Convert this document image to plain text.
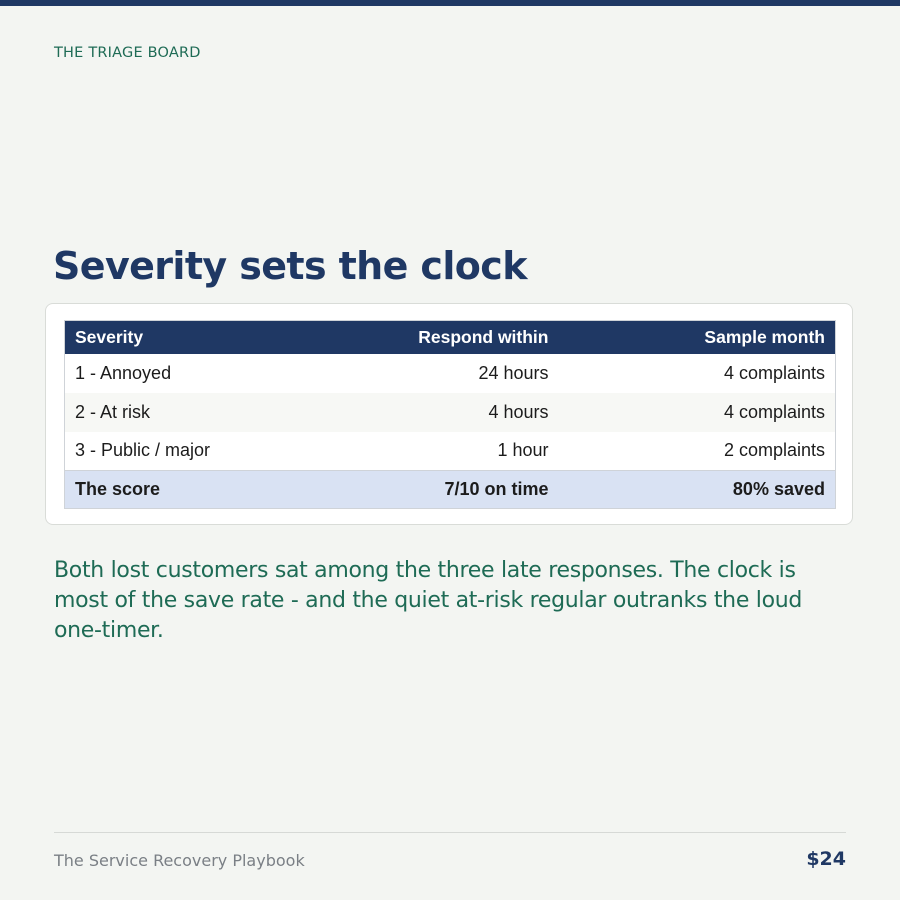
THE TRIAGE BOARD
Severity sets the clock
Severity	Respond within	Sample month
1 - Annoyed	24 hours	4 complaints
2 - At risk	4 hours	4 complaints
3 - Public / major	1 hour	2 complaints
The score	7/10 on time	80% saved

Both lost customers sat among the three late responses. The clock is most of the save rate - and the quiet at-risk regular outranks the loud one-timer.

The Service Recovery Playbook	$24
